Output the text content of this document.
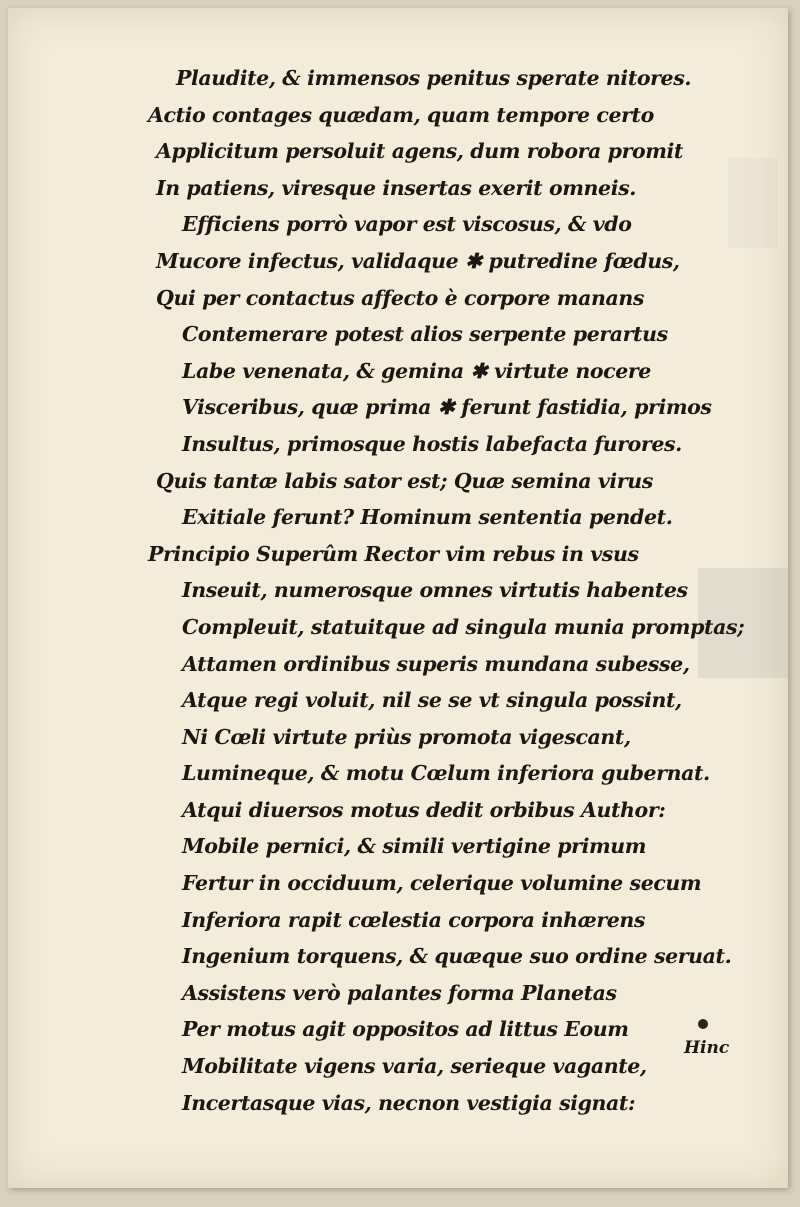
Plaudite, & immensos penitus sperate nitores.
Actio contages quædam, quam tempore certo
Applicitum persoluit agens, dum robora promit
In patiens, viresque insertas exerit omneis.
Efficiens porrò vapor est viscosus, & vdo
Mucore infectus, validaque ✱ putredine fœdus,
Qui per contactus affecto è corpore manans
Contemerare potest alios serpente perartus
Labe venenata, & gemina ✱ virtute nocere
Visceribus, quæ prima ✱ ferunt fastidia, primos
Insultus, primosque hostis labefacta furores.
Quis tantæ labis sator est; Quæ semina virus
Exitiale ferunt? Hominum sententia pendet.
Principio Superûm Rector vim rebus in vsus
Inseuit, numerosque omnes virtutis habentes
Compleuit, statuitque ad singula munia promptas;
Attamen ordinibus superis mundana subesse,
Atque regi voluit, nil se se vt singula possint,
Ni Cœli virtute priùs promota vigescant,
Lumineque, & motu Cœlum inferiora gubernat.
Atqui diuersos motus dedit orbibus Author:
Mobile pernici, & simili vertigine primum
Fertur in occiduum, celerique volumine secum
Inferiora rapit cœlestia corpora inhærens
Ingenium torquens, & quæque suo ordine seruat.
Assistens verò palantes forma Planetas
Per motus agit oppositos ad littus Eoum
Mobilitate vigens varia, serieque vagante,
Incertasque vias, necnon vestigia signat:
Hinc
